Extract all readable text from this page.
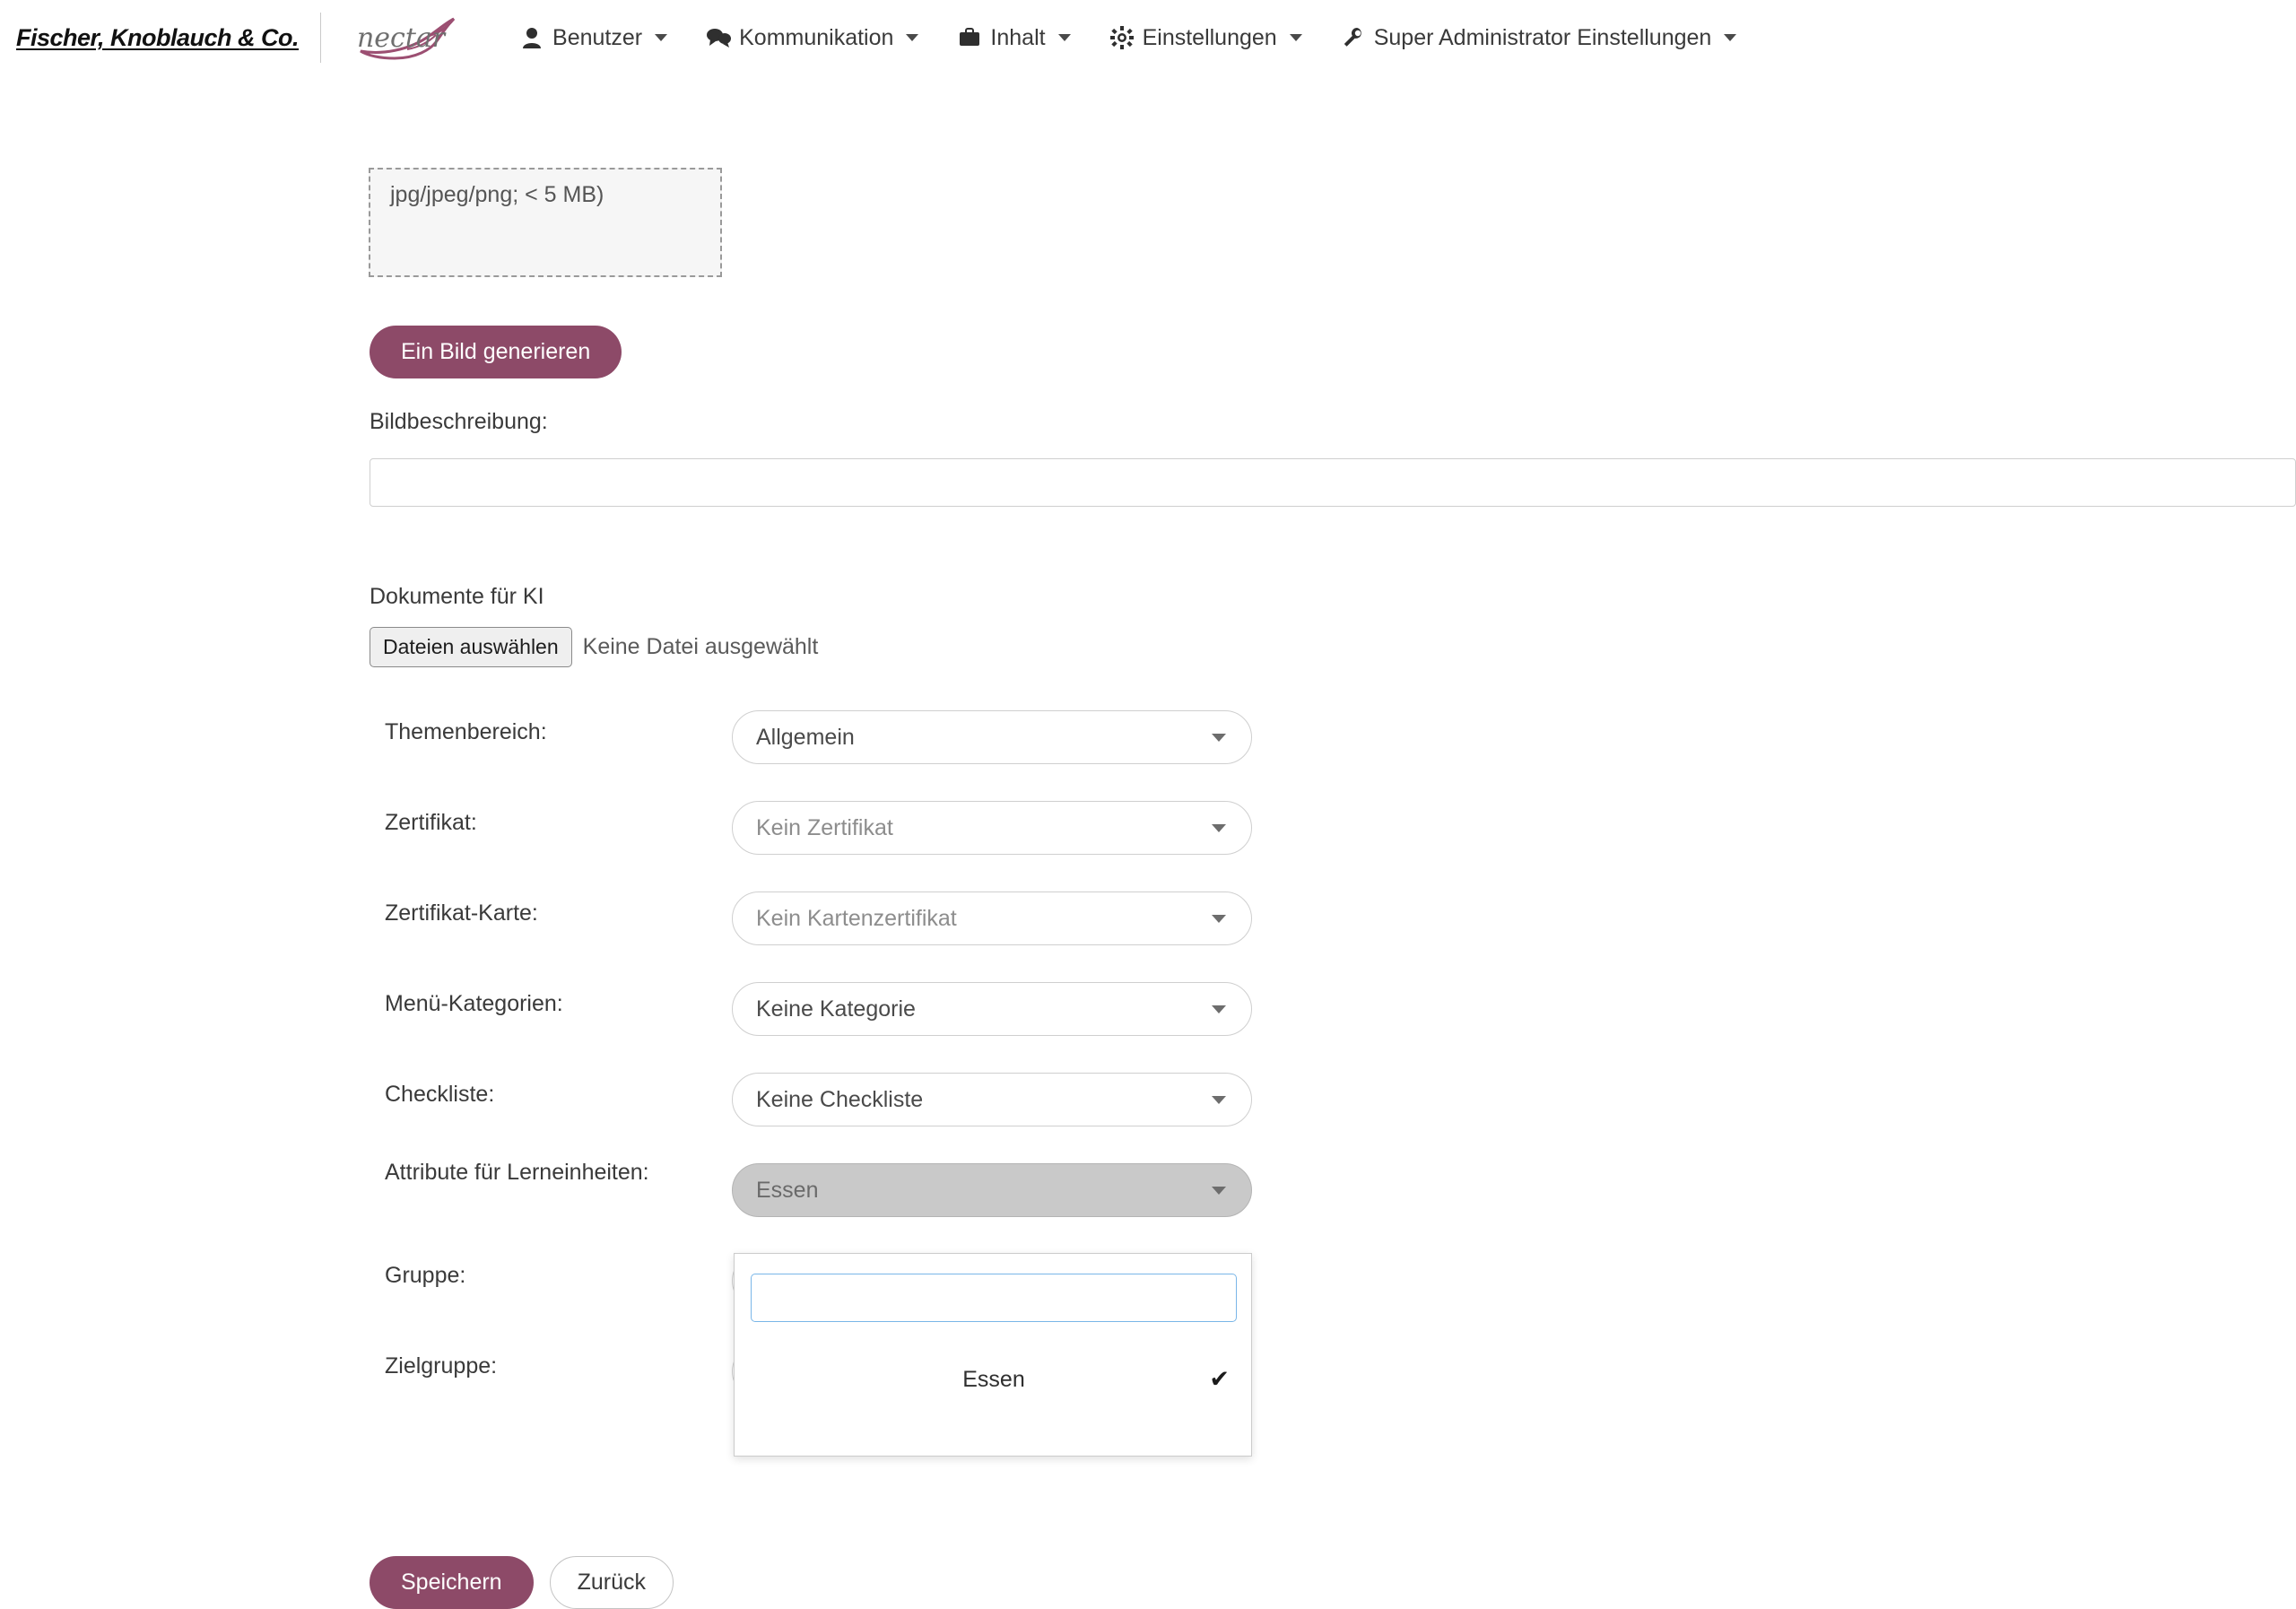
Fischer, Knoblauch & Co. nectar	Benutzer	Kommunikation	Inhalt	Einstellungen	Super Administrator Einstellungen
jpg/jpeg/png; < 5 MB)
Ein Bild generieren
Bildbeschreibung:
Dokumente für KI
Dateien auswählen	Keine Datei ausgewählt
Themenbereich:	Allgemein
Zertifikat:	Kein Zertifikat
Zertifikat-Karte:	Kein Kartenzertifikat
Menü-Kategorien:	Keine Kategorie
Checkliste:	Keine Checkliste
Attribute für Lerneinheiten:
Essen
Gruppe:
Zielgruppe:
Essen	✔
Speichern	Zurück
